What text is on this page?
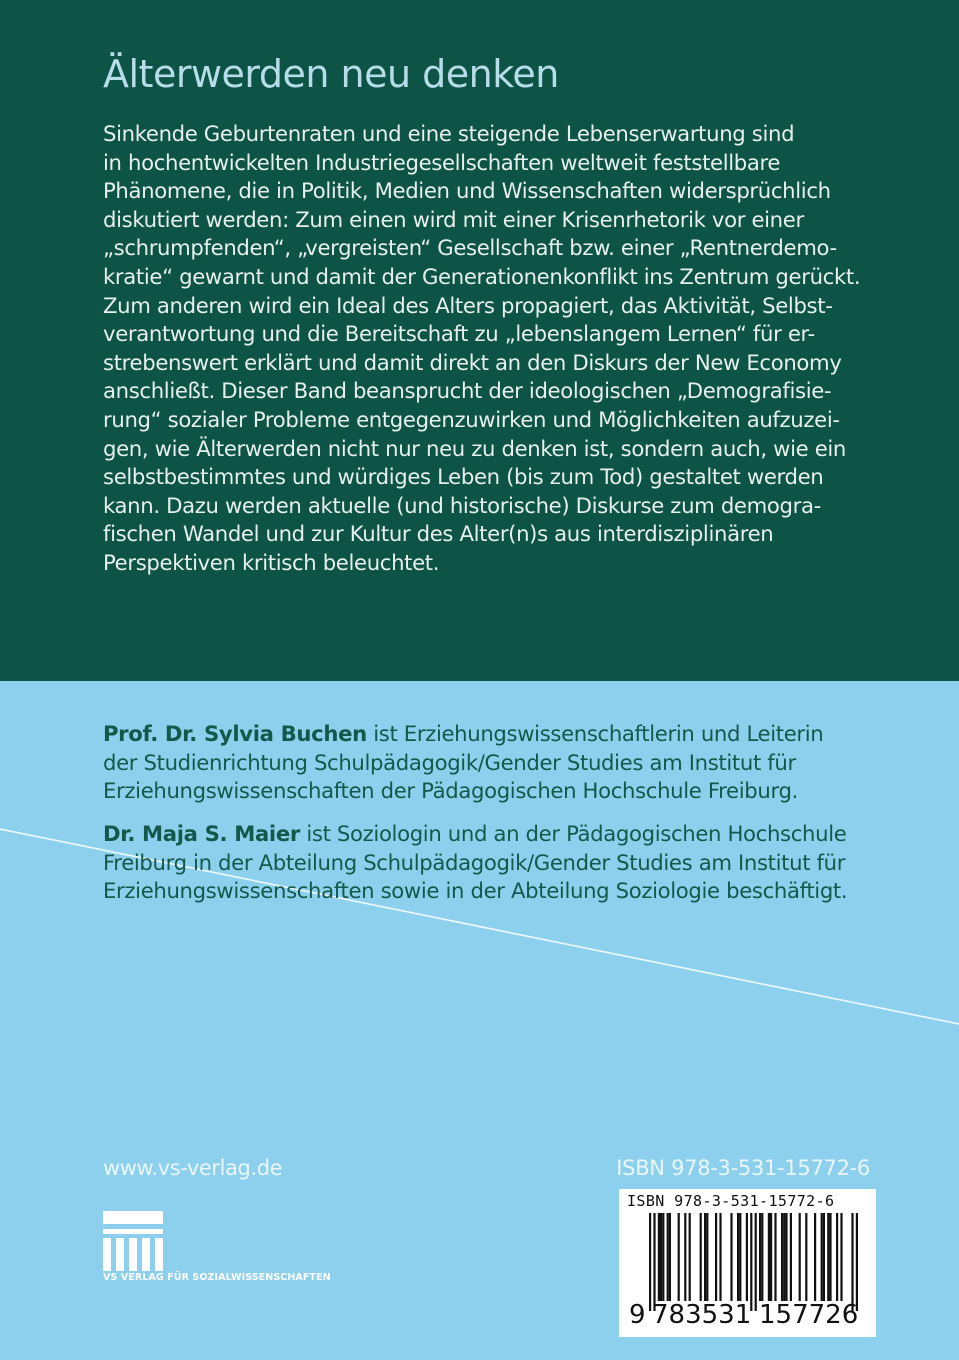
Älterwerden neu denken
Sinkende Geburtenraten und eine steigende Lebenserwartung sind
in hochentwickelten Industriegesellschaften weltweit feststellbare
Phänomene, die in Politik, Medien und Wissenschaften widersprüchlich
diskutiert werden: Zum einen wird mit einer Krisenrhetorik vor einer
„schrumpfenden“, „vergreisten“ Gesellschaft bzw. einer „Rentnerdemo-
kratie“ gewarnt und damit der Generationenkonflikt ins Zentrum gerückt.
Zum anderen wird ein Ideal des Alters propagiert, das Aktivität, Selbst-
verantwortung und die Bereitschaft zu „lebenslangem Lernen“ für er-
strebenswert erklärt und damit direkt an den Diskurs der New Economy
anschließt. Dieser Band beansprucht der ideologischen „Demografisie-
rung“ sozialer Probleme entgegenzuwirken und Möglichkeiten aufzuzei-
gen, wie Älterwerden nicht nur neu zu denken ist, sondern auch, wie ein
selbstbestimmtes und würdiges Leben (bis zum Tod) gestaltet werden
kann. Dazu werden aktuelle (und historische) Diskurse zum demogra-
fischen Wandel und zur Kultur des Alter(n)s aus interdisziplinären
Perspektiven kritisch beleuchtet.
Prof. Dr. Sylvia Buchen ist Erziehungswissenschaftlerin und Leiterin
der Studienrichtung Schulpädagogik/Gender Studies am Institut für
Erziehungswissenschaften der Pädagogischen Hochschule Freiburg.
Dr. Maja S. Maier ist Soziologin und an der Pädagogischen Hochschule
Freiburg in der Abteilung Schulpädagogik/Gender Studies am Institut für
Erziehungswissenschaften sowie in der Abteilung Soziologie beschäftigt.
www.vs-verlag.de	ISBN 978-3-531-15772-6
VS VERLAG FÜR SOZIALWISSENSCHAFTEN
ISBN 978-3-531-15772-6
9 783531 157726
